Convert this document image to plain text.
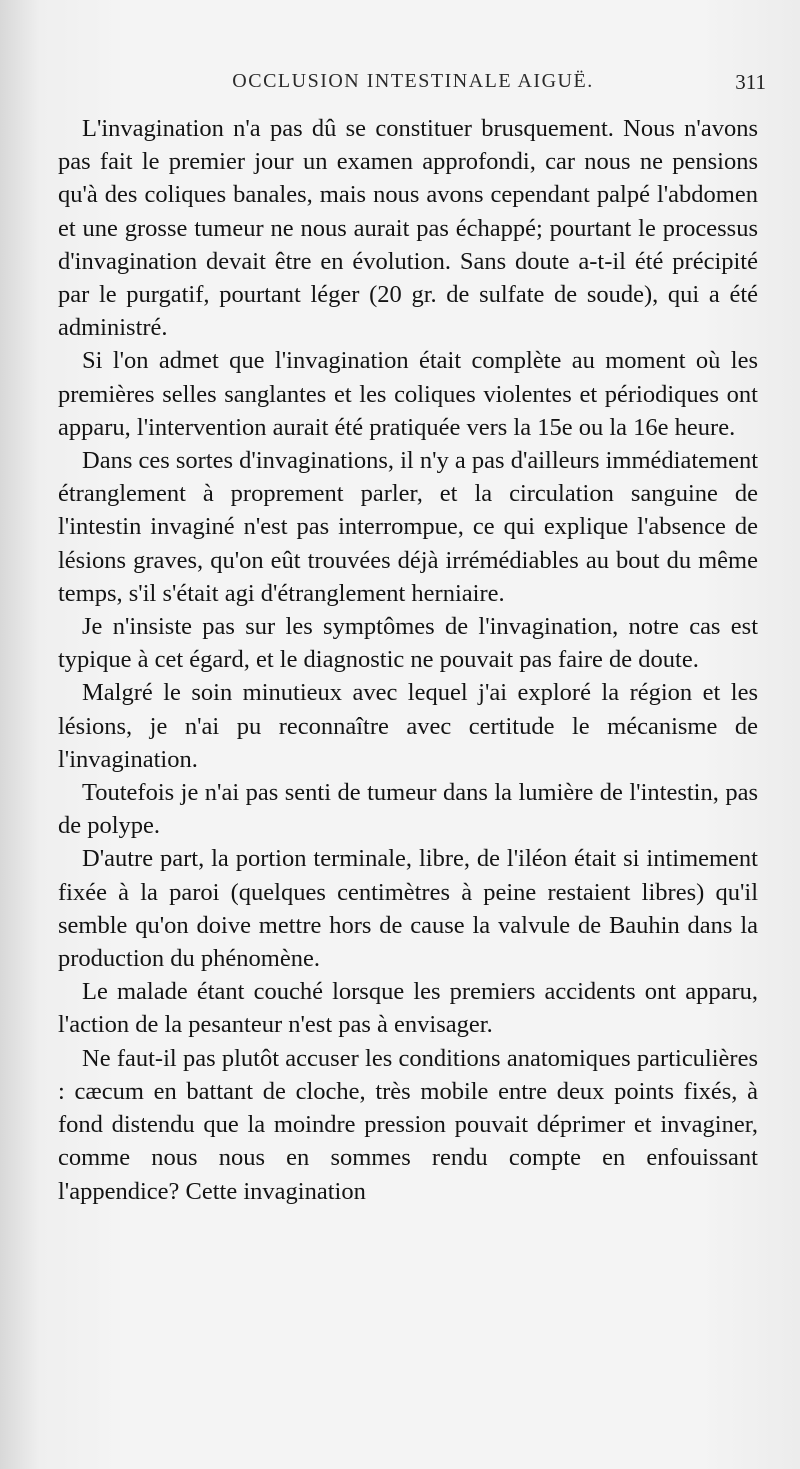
OCCLUSION INTESTINALE AIGUË.	311

L'invagination n'a pas dû se constituer brusquement. Nous n'avons pas fait le premier jour un examen approfondi, car nous ne pensions qu'à des coliques banales, mais nous avons cependant palpé l'abdomen et une grosse tumeur ne nous aurait pas échappé; pourtant le processus d'invagination devait être en évolution. Sans doute a-t-il été précipité par le purgatif, pourtant léger (20 gr. de sulfate de soude), qui a été administré.

Si l'on admet que l'invagination était complète au moment où les premières selles sanglantes et les coliques violentes et périodiques ont apparu, l'intervention aurait été pratiquée vers la 15e ou la 16e heure.

Dans ces sortes d'invaginations, il n'y a pas d'ailleurs immédiatement étranglement à proprement parler, et la circulation sanguine de l'intestin invaginé n'est pas interrompue, ce qui explique l'absence de lésions graves, qu'on eût trouvées déjà irrémédiables au bout du même temps, s'il s'était agi d'étranglement herniaire.

Je n'insiste pas sur les symptômes de l'invagination, notre cas est typique à cet égard, et le diagnostic ne pouvait pas faire de doute.

Malgré le soin minutieux avec lequel j'ai exploré la région et les lésions, je n'ai pu reconnaître avec certitude le mécanisme de l'invagination.

Toutefois je n'ai pas senti de tumeur dans la lumière de l'intestin, pas de polype.

D'autre part, la portion terminale, libre, de l'iléon était si intimement fixée à la paroi (quelques centimètres à peine restaient libres) qu'il semble qu'on doive mettre hors de cause la valvule de Bauhin dans la production du phénomène.

Le malade étant couché lorsque les premiers accidents ont apparu, l'action de la pesanteur n'est pas à envisager.

Ne faut-il pas plutôt accuser les conditions anatomiques particulières : cæcum en battant de cloche, très mobile entre deux points fixés, à fond distendu que la moindre pression pouvait déprimer et invaginer, comme nous nous en sommes rendu compte en enfouissant l'appendice? Cette invagination
